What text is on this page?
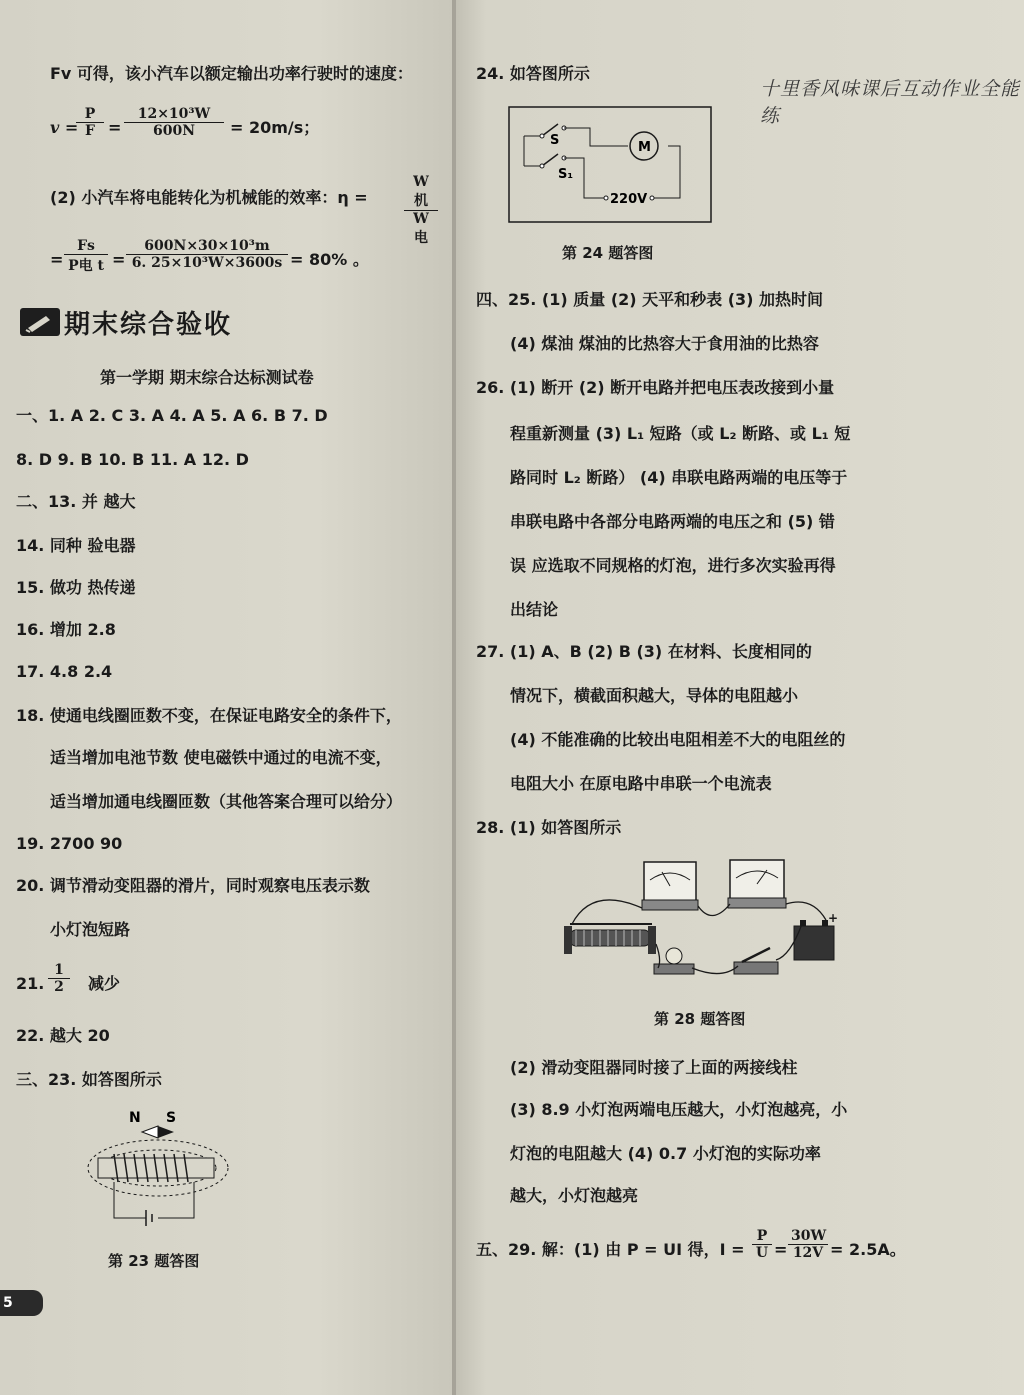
Fv 可得，该小汽车以额定输出功率行驶时的速度：
v =
$\frac{P}{F} = \frac{\text{12×10³W}}{600N} = 20m/s$；
(2) 小汽车将电能转化为机械能的效率：η =
W机
W电
=
Fs
P电 $t = \frac{\text{600N×30×10³m}}{\text{6. 25×10³W×3600s}} = 80\%$ 。
期末综合验收
第一学期 期末综合达标测试卷
一、1. A 2. C 3. A 4. A 5. A 6. B 7. D
8. D 9. B 10. B 11. A 12. D
二、13. 并 越大
14. 同种 验电器
15. 做功 热传递
16. 增加 2.8
17. 4.8 2.4
18. 使通电线圈匝数不变，在保证电路安全的条件下，
适当增加电池节数 使电磁铁中通过的电流不变，
适当增加通电线圈匝数（其他答案合理可以给分）
19. 2700 90
20. 调节滑动变阻器的滑片，同时观察电压表示数
小灯泡短路
21. $\frac{1}{2}$ 减少
22. 越大 20
三、23. 如答图所示
N S
第 23 题答图
5
十里香风味课后互动作业全能练
24. 如答图所示
S
S₁
M
220V
第 24 题答图
四、25. (1) 质量 (2) 天平和秒表 (3) 加热时间
(4) 煤油 煤油的比热容大于食用油的比热容
26. (1) 断开 (2) 断开电路并把电压表改接到小量
程重新测量 (3) L₁ 短路（或 L₂ 断路、或 L₁ 短
路同时 L₂ 断路） (4) 串联电路两端的电压等于
串联电路中各部分电路两端的电压之和 (5) 错
误 应选取不同规格的灯泡，进行多次实验再得
出结论
27. (1) A、B (2) B (3) 在材料、长度相同的
情况下，横截面积越大，导体的电阻越小
(4) 不能准确的比较出电阻相差不大的电阻丝的
电阻大小 在原电路中串联一个电流表
28. (1) 如答图所示
+
第 28 题答图
(2) 滑动变阻器同时接了上面的两接线柱
(3) 8.9 小灯泡两端电压越大，小灯泡越亮，小
灯泡的电阻越大 (4) 0.7 小灯泡的实际功率
越大，小灯泡越亮
五、29. 解：(1) 由 P = UI 得，$I = \frac{P}{U} = \frac{30W}{12V} = 2.5A$。
